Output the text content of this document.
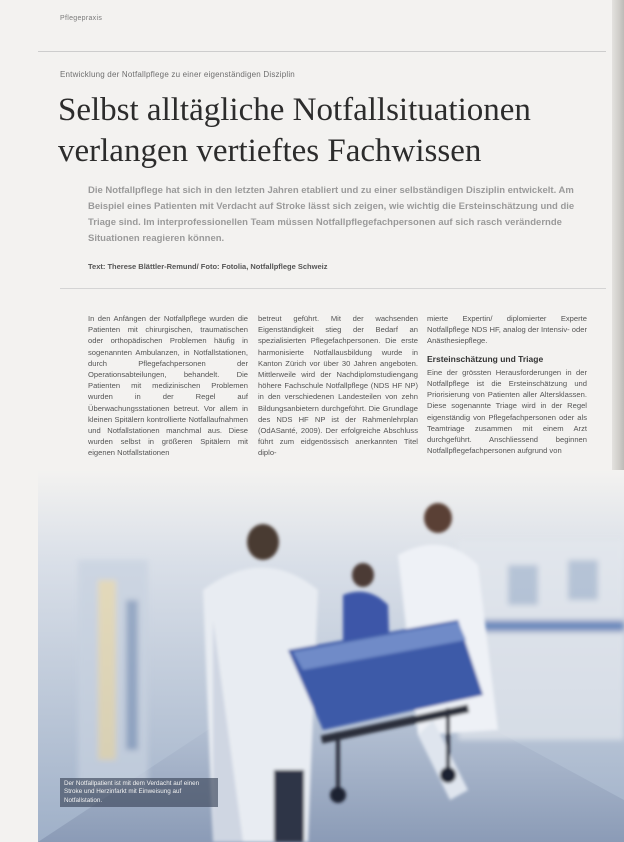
Pflegepraxis
Entwicklung der Notfallpflege zu einer eigenständigen Disziplin
Selbst alltägliche Notfallsituationen verlangen vertieftes Fachwissen

Die Notfallpflege hat sich in den letzten Jahren etabliert und zu einer selbständigen Disziplin entwickelt. Am Beispiel eines Patienten mit Verdacht auf Stroke lässt sich zeigen, wie wichtig die Ersteinschätzung und die Triage sind. Im interprofessionellen Team müssen Notfallpflegefachpersonen auf sich rasch verändernde Situationen reagieren können.

Text: Therese Blättler-Remund/ Foto: Fotolia, Notfallpflege Schweiz

In den Anfängen der Notfallpflege wurden die Patienten mit chirurgischen, traumatischen oder orthopädischen Problemen häufig in sogenannten Ambulanzen, in Notfallstationen, durch Pflegefachpersonen der Operationsabteilungen, behandelt. Die Patienten mit medizinischen Problemen wurden in der Regel auf Überwachungsstationen betreut. Vor allem in kleinen Spitälern kontrollierte Notfallaufnahmen und Notfallstationen manchmal aus. Diese wurden selbst in größeren Spitälern mit eigenen Notfallstationen

betreut geführt. Mit der wachsenden Eigenständigkeit stieg der Bedarf an spezialisierten Pflegefachpersonen. Die erste harmonisierte Notfallausbildung wurde in Kanton Zürich vor über 30 Jahren angeboten. Mittlerweile wird der Nachdiplomstudiengang höhere Fachschule Notfallpflege (NDS HF NP) in den verschiedenen Landesteilen von zehn Bildungsanbietern durchgeführt. Die Grundlage des NDS HF NP ist der Rahmenlehrplan (OdASanté, 2009). Der erfolgreiche Abschluss führt zum eidgenössisch anerkannten Titel diplo-

mierte Expertin/ diplomierter Experte Notfallpflege NDS HF, analog der Intensiv- oder Anästhesiepflege.

Ersteinschätzung und Triage

Eine der grössten Herausforderungen in der Notfallpflege ist die Ersteinschätzung und Priorisierung von Patienten aller Altersklassen. Diese sogenannte Triage wird in der Regel eigenständig von Pflegefachpersonen oder als Teamtriage zusammen mit einem Arzt durchgeführt. Anschliessend beginnen Notfallpflegefachpersonen aufgrund von

Der Notfallpatient ist mit dem Verdacht auf einen Stroke und Herzinfarkt mit Einweisung auf Notfallstation.
